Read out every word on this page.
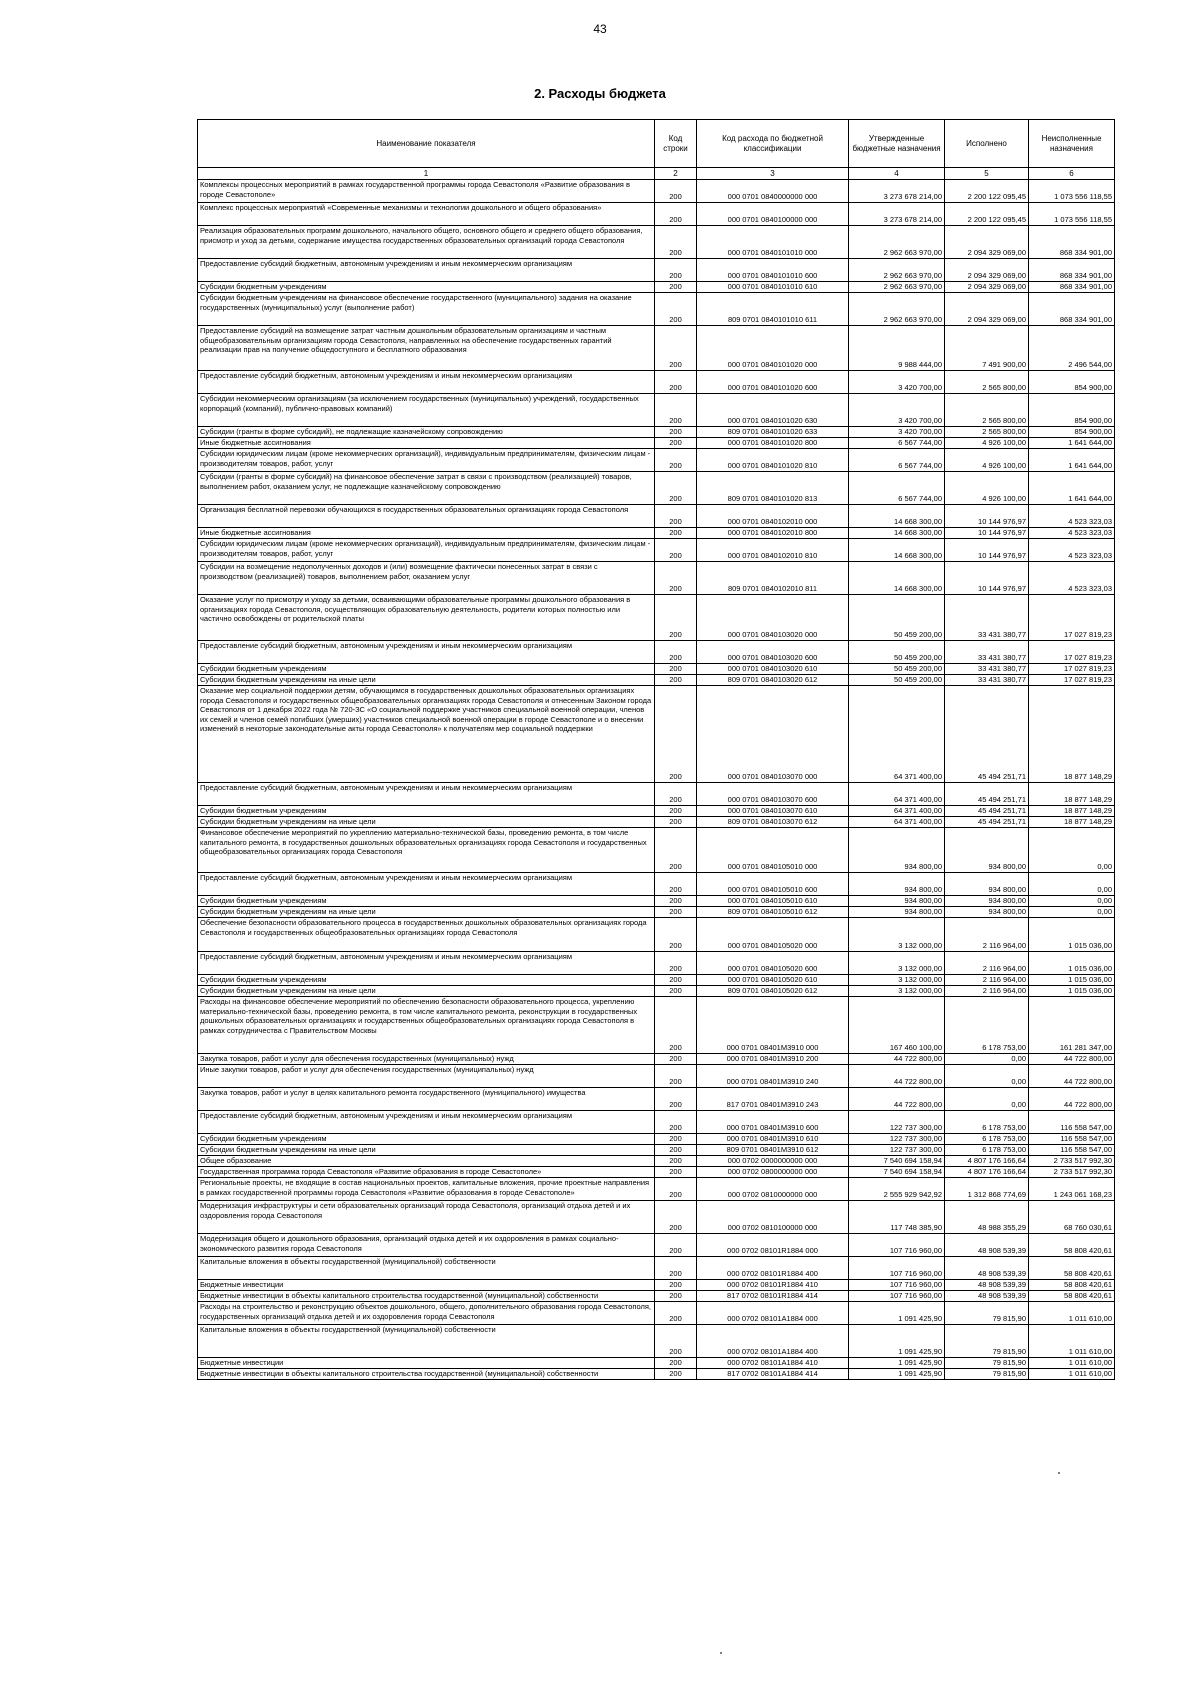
43
2. Расходы бюджета
Наименование показателя	Код строки	Код расхода по бюджетной классификации	Утвержденные бюджетные назначения	Исполнено	Неисполненные назначения
1	2	3	4	5	6
Комплексы процессных мероприятий в рамках государственной программы города Севастополя «Развитие образования в городе Севастополе»	200	000 0701 0840000000 000	3 273 678 214,00	2 200 122 095,45	1 073 556 118,55
Комплекс процессных мероприятий «Современные механизмы и технологии дошкольного и общего образования»	200	000 0701 0840100000 000	3 273 678 214,00	2 200 122 095,45	1 073 556 118,55
Реализация образовательных программ дошкольного, начального общего, основного общего и среднего общего образования, присмотр и уход за детьми, содержание имущества государственных образовательных организаций города Севастополя	200	000 0701 0840101010 000	2 962 663 970,00	2 094 329 069,00	868 334 901,00
Предоставление субсидий бюджетным, автономным учреждениям и иным некоммерческим организациям	200	000 0701 0840101010 600	2 962 663 970,00	2 094 329 069,00	868 334 901,00
Субсидии бюджетным учреждениям	200	000 0701 0840101010 610	2 962 663 970,00	2 094 329 069,00	868 334 901,00
Субсидии бюджетным учреждениям на финансовое обеспечение государственного (муниципального) задания на оказание государственных (муниципальных) услуг (выполнение работ)	200	809 0701 0840101010 611	2 962 663 970,00	2 094 329 069,00	868 334 901,00
Предоставление субсидий на возмещение затрат частным дошкольным образовательным организациям и частным общеобразовательным организациям города Севастополя, направленных на обеспечение государственных гарантий реализации прав на получение общедоступного и бесплатного образования	200	000 0701 0840101020 000	9 988 444,00	7 491 900,00	2 496 544,00
Предоставление субсидий бюджетным, автономным учреждениям и иным некоммерческим организациям	200	000 0701 0840101020 600	3 420 700,00	2 565 800,00	854 900,00
Субсидии некоммерческим организациям (за исключением государственных (муниципальных) учреждений, государственных корпораций (компаний), публично-правовых компаний)	200	000 0701 0840101020 630	3 420 700,00	2 565 800,00	854 900,00
Субсидии (гранты в форме субсидий), не подлежащие казначейскому сопровождению	200	809 0701 0840101020 633	3 420 700,00	2 565 800,00	854 900,00
Иные бюджетные ассигнования	200	000 0701 0840101020 800	6 567 744,00	4 926 100,00	1 641 644,00
Субсидии юридическим лицам (кроме некоммерческих организаций), индивидуальным предпринимателям, физическим лицам - производителям товаров, работ, услуг	200	000 0701 0840101020 810	6 567 744,00	4 926 100,00	1 641 644,00
Субсидии (гранты в форме субсидий) на финансовое обеспечение затрат в связи с производством (реализацией) товаров, выполнением работ, оказанием услуг, не подлежащие казначейскому сопровождению	200	809 0701 0840101020 813	6 567 744,00	4 926 100,00	1 641 644,00
Организация бесплатной перевозки обучающихся в государственных образовательных организациях города Севастополя	200	000 0701 0840102010 000	14 668 300,00	10 144 976,97	4 523 323,03
Иные бюджетные ассигнования	200	000 0701 0840102010 800	14 668 300,00	10 144 976,97	4 523 323,03
Субсидии юридическим лицам (кроме некоммерческих организаций), индивидуальным предпринимателям, физическим лицам - производителям товаров, работ, услуг	200	000 0701 0840102010 810	14 668 300,00	10 144 976,97	4 523 323,03
Субсидии на возмещение недополученных доходов и (или) возмещение фактически понесенных затрат в связи с производством (реализацией) товаров, выполнением работ, оказанием услуг	200	809 0701 0840102010 811	14 668 300,00	10 144 976,97	4 523 323,03
Оказание услуг по присмотру и уходу за детьми, осваивающими образовательные программы дошкольного образования в организациях города Севастополя, осуществляющих образовательную деятельность, родители которых полностью или частично освобождены от родительской платы	200	000 0701 0840103020 000	50 459 200,00	33 431 380,77	17 027 819,23
Предоставление субсидий бюджетным, автономным учреждениям и иным некоммерческим организациям	200	000 0701 0840103020 600	50 459 200,00	33 431 380,77	17 027 819,23
Субсидии бюджетным учреждениям	200	000 0701 0840103020 610	50 459 200,00	33 431 380,77	17 027 819,23
Субсидии бюджетным учреждениям на иные цели	200	809 0701 0840103020 612	50 459 200,00	33 431 380,77	17 027 819,23
Оказание мер социальной поддержки детям, обучающимся в государственных дошкольных образовательных организациях города Севастополя и государственных общеобразовательных организациях города Севастополя и отнесенным Законом города Севастополя от 1 декабря 2022 года № 720-ЗС «О социальной поддержке участников специальной военной операции, членов их семей и членов семей погибших (умерших) участников специальной военной операции в городе Севастополе и о внесении изменений в некоторые законодательные акты города Севастополя» к получателям мер социальной поддержки	200	000 0701 0840103070 000	64 371 400,00	45 494 251,71	18 877 148,29
Предоставление субсидий бюджетным, автономным учреждениям и иным некоммерческим организациям	200	000 0701 0840103070 600	64 371 400,00	45 494 251,71	18 877 148,29
Субсидии бюджетным учреждениям	200	000 0701 0840103070 610	64 371 400,00	45 494 251,71	18 877 148,29
Субсидии бюджетным учреждениям на иные цели	200	809 0701 0840103070 612	64 371 400,00	45 494 251,71	18 877 148,29
Финансовое обеспечение мероприятий по укреплению материально-технической базы, проведению ремонта, в том числе капитального ремонта, в государственных дошкольных образовательных организациях города Севастополя и государственных общеобразовательных организациях города Севастополя	200	000 0701 0840105010 000	934 800,00	934 800,00	0,00
Предоставление субсидий бюджетным, автономным учреждениям и иным некоммерческим организациям	200	000 0701 0840105010 600	934 800,00	934 800,00	0,00
Субсидии бюджетным учреждениям	200	000 0701 0840105010 610	934 800,00	934 800,00	0,00
Субсидии бюджетным учреждениям на иные цели	200	809 0701 0840105010 612	934 800,00	934 800,00	0,00
Обеспечение безопасности образовательного процесса в государственных дошкольных образовательных организациях города Севастополя и государственных общеобразовательных организациях города Севастополя	200	000 0701 0840105020 000	3 132 000,00	2 116 964,00	1 015 036,00
Предоставление субсидий бюджетным, автономным учреждениям и иным некоммерческим организациям	200	000 0701 0840105020 600	3 132 000,00	2 116 964,00	1 015 036,00
Субсидии бюджетным учреждениям	200	000 0701 0840105020 610	3 132 000,00	2 116 964,00	1 015 036,00
Субсидии бюджетным учреждениям на иные цели	200	809 0701 0840105020 612	3 132 000,00	2 116 964,00	1 015 036,00
Расходы на финансовое обеспечение мероприятий по обеспечению безопасности образовательного процесса, укреплению материально-технической базы, проведению ремонта, в том числе капитального ремонта, реконструкции в государственных дошкольных образовательных организациях и государственных общеобразовательных организациях города Севастополя в рамках сотрудничества с Правительством Москвы	200	000 0701 08401M3910 000	167 460 100,00	6 178 753,00	161 281 347,00
Закупка товаров, работ и услуг для обеспечения государственных (муниципальных) нужд	200	000 0701 08401M3910 200	44 722 800,00	0,00	44 722 800,00
Иные закупки товаров, работ и услуг для обеспечения государственных (муниципальных) нужд	200	000 0701 08401M3910 240	44 722 800,00	0,00	44 722 800,00
Закупка товаров, работ и услуг в целях капитального ремонта государственного (муниципального) имущества	200	817 0701 08401M3910 243	44 722 800,00	0,00	44 722 800,00
Предоставление субсидий бюджетным, автономным учреждениям и иным некоммерческим организациям	200	000 0701 08401M3910 600	122 737 300,00	6 178 753,00	116 558 547,00
Субсидии бюджетным учреждениям	200	000 0701 08401M3910 610	122 737 300,00	6 178 753,00	116 558 547,00
Субсидии бюджетным учреждениям на иные цели	200	809 0701 08401M3910 612	122 737 300,00	6 178 753,00	116 558 547,00
Общее образование	200	000 0702 0000000000 000	7 540 694 158,94	4 807 176 166,64	2 733 517 992,30
Государственная программа города Севастополя «Развитие образования в городе Севастополе»	200	000 0702 0800000000 000	7 540 694 158,94	4 807 176 166,64	2 733 517 992,30
Региональные проекты, не входящие в состав национальных проектов, капитальные вложения, прочие проектные направления в рамках государственной программы города Севастополя «Развитие образования в городе Севастополе»	200	000 0702 0810000000 000	2 555 929 942,92	1 312 868 774,69	1 243 061 168,23
Модернизация инфраструктуры и сети образовательных организаций города Севастополя, организаций отдыха детей и их оздоровления города Севастополя	200	000 0702 0810100000 000	117 748 385,90	48 988 355,29	68 760 030,61
Модернизация общего и дошкольного образования, организаций отдыха детей и их оздоровления в рамках социально-экономического развития города Севастополя	200	000 0702 08101R1884 000	107 716 960,00	48 908 539,39	58 808 420,61
Капитальные вложения в объекты государственной (муниципальной) собственности	200	000 0702 08101R1884 400	107 716 960,00	48 908 539,39	58 808 420,61
Бюджетные инвестиции	200	000 0702 08101R1884 410	107 716 960,00	48 908 539,39	58 808 420,61
Бюджетные инвестиции в объекты капитального строительства государственной (муниципальной) собственности	200	817 0702 08101R1884 414	107 716 960,00	48 908 539,39	58 808 420,61
Расходы на строительство и реконструкцию объектов дошкольного, общего, дополнительного образования города Севастополя, государственных организаций отдыха детей и их оздоровления города Севастополя	200	000 0702 08101A1884 000	1 091 425,90	79 815,90	1 011 610,00
Капитальные вложения в объекты государственной (муниципальной) собственности	200	000 0702 08101A1884 400	1 091 425,90	79 815,90	1 011 610,00
Бюджетные инвестиции	200	000 0702 08101A1884 410	1 091 425,90	79 815,90	1 011 610,00
Бюджетные инвестиции в объекты капитального строительства государственной (муниципальной) собственности	200	817 0702 08101A1884 414	1 091 425,90	79 815,90	1 011 610,00
